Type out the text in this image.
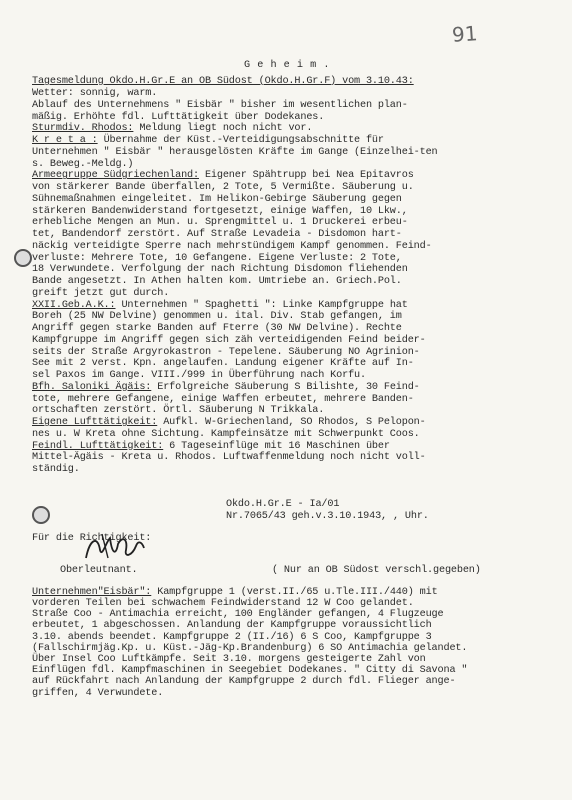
91
G e h e i m .
Tagesmeldung Okdo.H.Gr.E an OB Südost (Okdo.H.Gr.F) vom 3.10.43:
Wetter: sonnig, warm.
Ablauf des Unternehmens " Eisbär " bisher im wesentlichen plan-
mäßig. Erhöhte fdl. Lufttätigkeit über Dodekanes.
Sturmdiv. Rhodos: Meldung liegt noch nicht vor.
K r e t a : Übernahme der Küst.-Verteidigungsabschnitte für
Unternehmen " Eisbär " herausgelösten Kräfte im Gange (Einzelhei-ten
s. Beweg.-Meldg.)
Armeegruppe Südgriechenland: Eigener Spähtrupp bei Nea Epitavros
von stärkerer Bande überfallen, 2 Tote, 5 Vermißte. Säuberung u.
Sühnemaßnahmen eingeleitet. Im Helikon-Gebirge Säuberung gegen
stärkeren Bandenwiderstand fortgesetzt, einige Waffen, 10 Lkw.,
erhebliche Mengen an Mun. u. Sprengmittel u. 1 Druckerei erbeu-
tet, Bandendorf zerstört. Auf Straße Levadeia - Disdomon hart-
näckig verteidigte Sperre nach mehrstündigem Kampf genommen. Feind-
verluste: Mehrere Tote, 10 Gefangene. Eigene Verluste: 2 Tote,
18 Verwundete. Verfolgung der nach Richtung Disdomon fliehenden
Bande angesetzt. In Athen halten kom. Umtriebe an. Griech.Pol.
greift jetzt gut durch.
XXII.Geb.A.K.: Unternehmen " Spaghetti ": Linke Kampfgruppe hat
Boreh (25 NW Delvine) genommen u. ital. Div. Stab gefangen, im
Angriff gegen starke Banden auf Fterre (30 NW Delvine). Rechte
Kampfgruppe im Angriff gegen sich zäh verteidigenden Feind beider-
seits der Straße Argyrokastron - Tepelene. Säuberung NO Agrinion-
See mit 2 verst. Kpn. angelaufen. Landung eigener Kräfte auf In-
sel Paxos im Gange. VIII./999 in Überführung nach Korfu.
Bfh. Saloniki Ägäis: Erfolgreiche Säuberung S Bilishte, 30 Feind-
tote, mehrere Gefangene, einige Waffen erbeutet, mehrere Banden-
ortschaften zerstört. Örtl. Säuberung N Trikkala.
Eigene Lufttätigkeit: Aufkl. W-Griechenland, SO Rhodos, S Pelopon-
nes u. W Kreta ohne Sichtung. Kampfeinsätze mit Schwerpunkt Coos.
Feindl. Lufttätigkeit: 6 Tageseinflüge mit 16 Maschinen über
Mittel-Ägäis - Kreta u. Rhodos. Luftwaffenmeldung noch nicht voll-
ständig.
Okdo.H.Gr.E - Ia/01
Nr.7065/43 geh.v.3.10.1943, , Uhr.
Für die Richtigkeit:
Oberleutnant.	( Nur an OB Südost verschl.gegeben)
Unternehmen"Eisbär": Kampfgruppe 1 (verst.II./65 u.Tle.III./440) mit
vorderen Teilen bei schwachem Feindwiderstand 12 W Coo gelandet.
Straße Coo - Antimachia erreicht, 100 Engländer gefangen, 4 Flugzeuge
erbeutet, 1 abgeschossen. Anlandung der Kampfgruppe voraussichtlich
3.10. abends beendet. Kampfgruppe 2 (II./16) 6 S Coo, Kampfgruppe 3
(Fallschirmjäg.Kp. u. Küst.-Jäg-Kp.Brandenburg) 6 SO Antimachia gelandet.
Über Insel Coo Luftkämpfe. Seit 3.10. morgens gesteigerte Zahl von
Einflügen fdl. Kampfmaschinen in Seegebiet Dodekanes. " Citty di Savona "
auf Rückfahrt nach Anlandung der Kampfgruppe 2 durch fdl. Flieger ange-
griffen, 4 Verwundete.
